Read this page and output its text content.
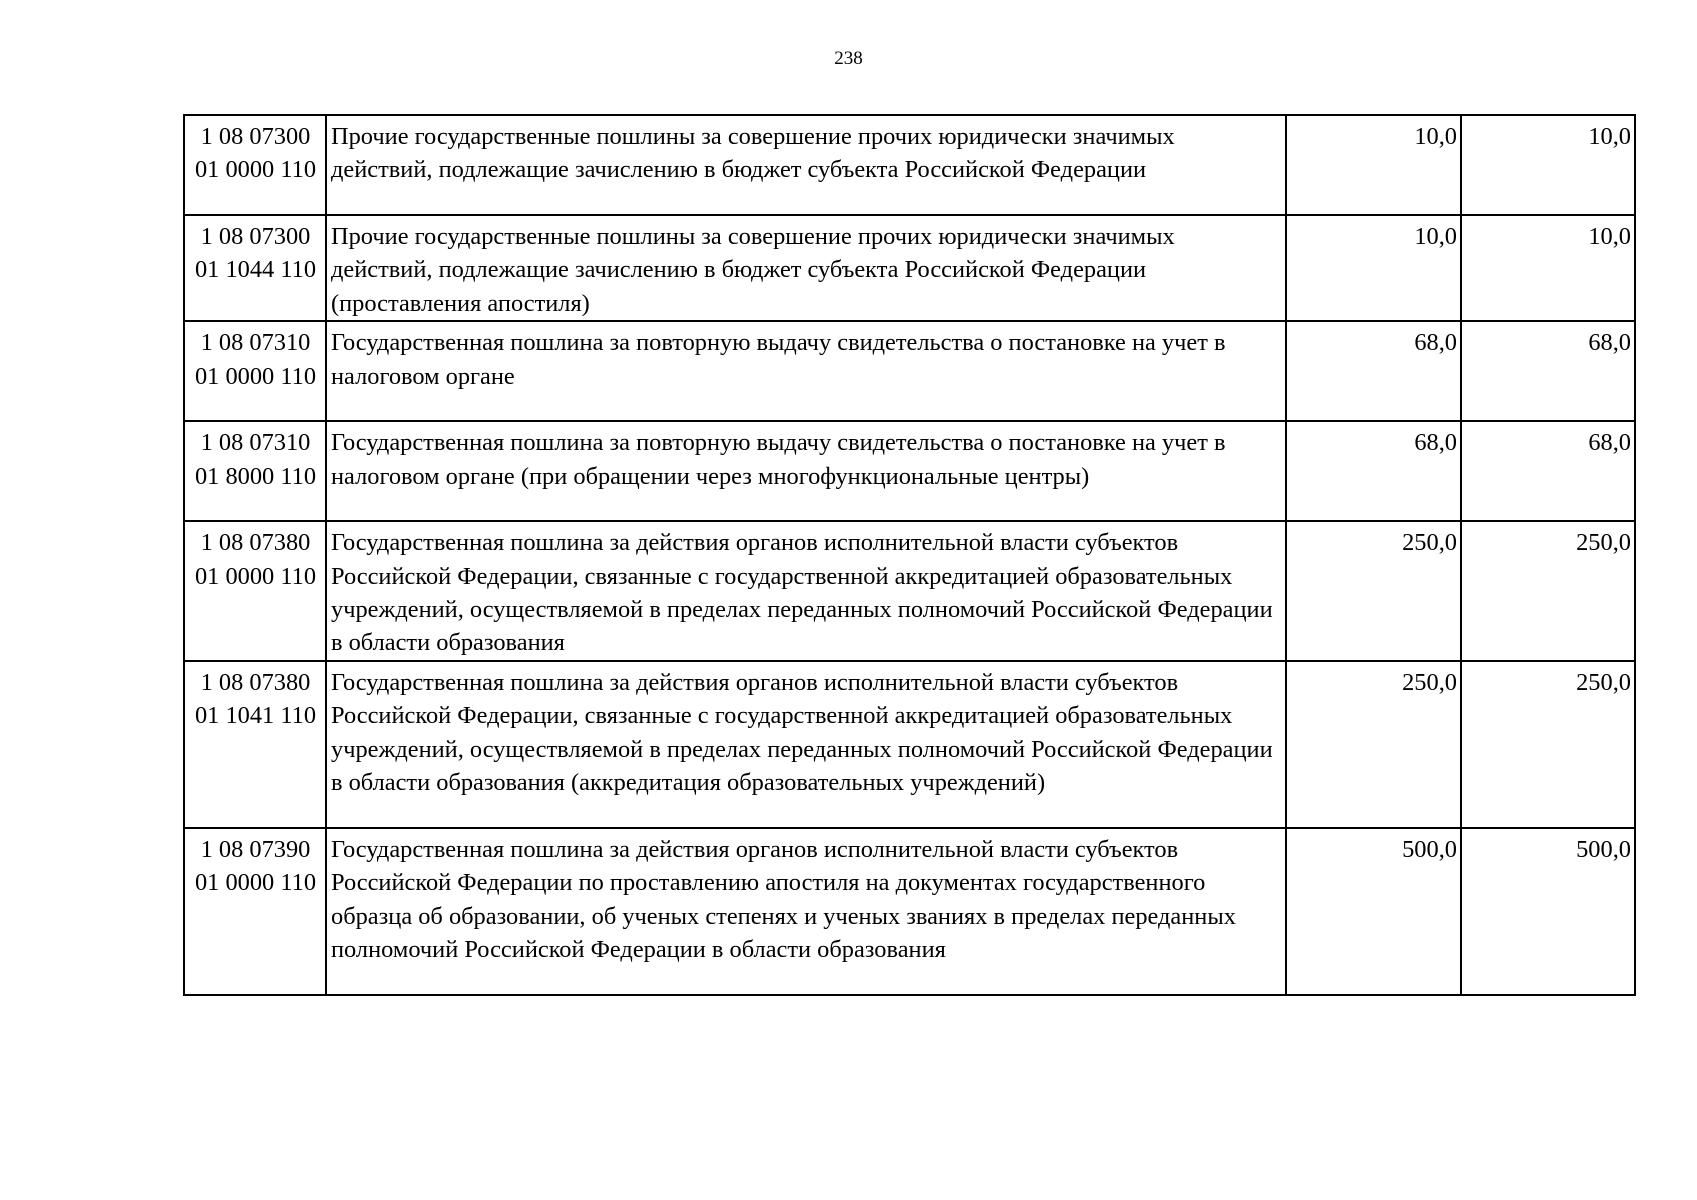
238
1 08 07300
01 0000 110	Прочие государственные пошлины за совершение прочих юридически значимых действий, подлежащие зачислению в бюджет субъекта Российской Федерации	10,0	10,0

1 08 07300
01 1044 110	Прочие государственные пошлины за совершение прочих юридически значимых действий, подлежащие зачислению в бюджет субъекта Российской Федерации (проставления апостиля)	10,0	10,0

1 08 07310
01 0000 110	Государственная пошлина за повторную выдачу свидетельства о постановке на учет в налоговом органе	68,0	68,0

1 08 07310
01 8000 110	Государственная пошлина за повторную выдачу свидетельства о постановке на учет в налоговом органе (при обращении через многофункциональные центры)	68,0	68,0

1 08 07380
01 0000 110	Государственная пошлина за действия органов исполнительной власти субъектов Российской Федерации, связанные с государственной аккредитацией образовательных учреждений, осуществляемой в пределах переданных полномочий Российской Федерации в области образования	250,0	250,0

1 08 07380
01 1041 110	Государственная пошлина за действия органов исполнительной власти субъектов Российской Федерации, связанные с государственной аккредитацией образовательных учреждений, осуществляемой в пределах переданных полномочий Российской Федерации в области образования (аккредитация образовательных учреждений)	250,0	250,0

1 08 07390
01 0000 110	Государственная пошлина за действия органов исполнительной власти субъектов Российской Федерации по проставлению апостиля на документах государственного образца об образовании, об ученых степенях и ученых званиях в пределах переданных полномочий Российской Федерации в области образования	500,0	500,0
